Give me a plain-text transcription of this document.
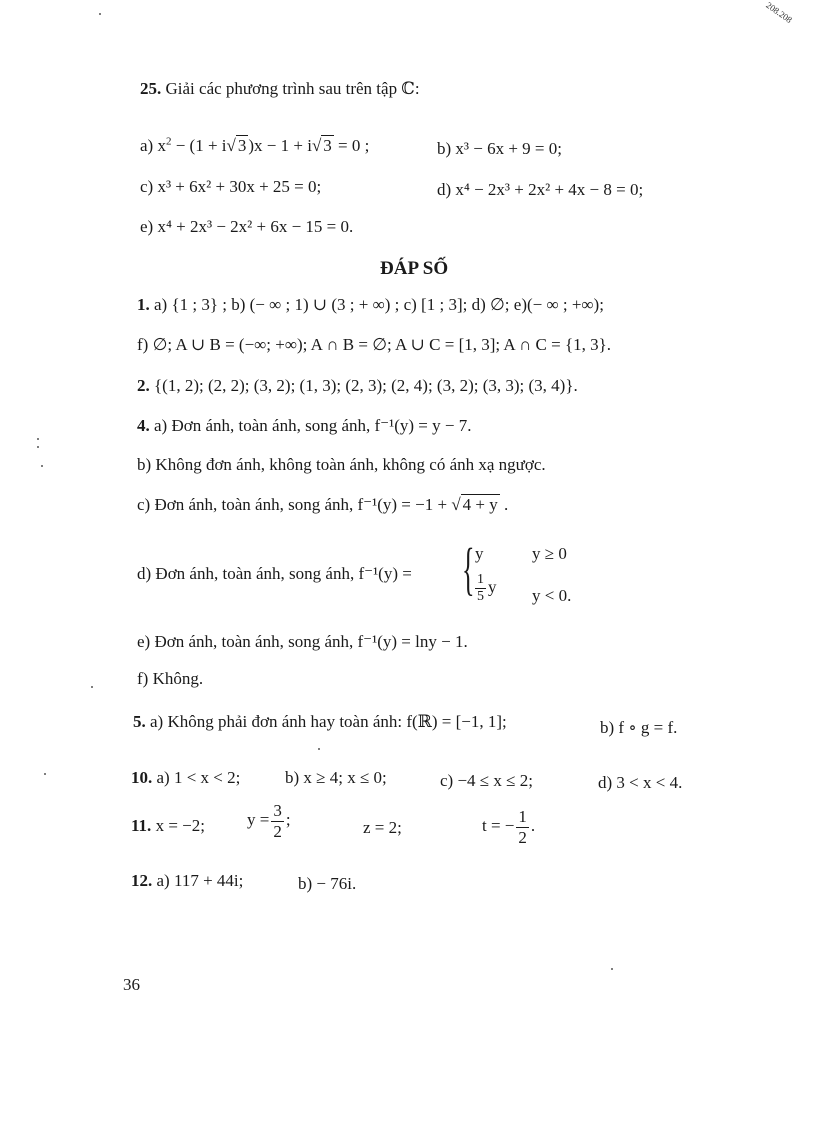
208.208
25. Giải các phương trình sau trên tập ℂ:
a) $x^2 - (1 + i√$ 3 )x − 1 + i√ 3 = 0 ;	b) x³ − 6x + 9 = 0;
c) x³ + 6x² + 30x + 25 = 0;	d) x⁴ − 2x³ + 2x² + 4x − 8 = 0;
e) x⁴ + 2x³ − 2x² + 6x − 15 = 0.
ĐÁP SỐ
1. a) {1 ; 3} ; b) (− ∞ ; 1) ∪ (3 ; + ∞) ; c) [1 ; 3]; d) ∅; e)(− ∞ ; +∞);
f) ∅; A ∪ B = (−∞; +∞); A ∩ B = ∅; A ∪ C = [1, 3]; A ∩ C = {1, 3}.
2. {(1, 2); (2, 2); (3, 2); (1, 3); (2, 3); (2, 4); (3, 2); (3, 3); (3, 4)}.
4. a) Đơn ánh, toàn ánh, song ánh, f⁻¹(y) = y − 7.
b) Không đơn ánh, không toàn ánh, không có ánh xạ ngược.
c) Đơn ánh, toàn ánh, song ánh, f⁻¹(y) = −1 + √ 4 + y .
d) Đơn ánh, toàn ánh, song ánh, f⁻¹(y) = { y	y ≥ 0
$\frac{1}{5}$ y y < 0.
e) Đơn ánh, toàn ánh, song ánh, f⁻¹(y) = lny − 1.
f) Không.
5. a) Không phải đơn ánh hay toàn ánh: f(ℝ) = [−1, 1];	b) f ∘ g = f.
10. a) 1 < x < 2;	b) x ≥ 4; x ≤ 0;	c) −4 ≤ x ≤ 2;	d) 3 < x < 4.
11. x = −2; $y = \frac{3}{2}$ ;	z = 2;	t = − $\frac{1}{2}$ .
12. a) 117 + 44i;	b) − 76i.
36
